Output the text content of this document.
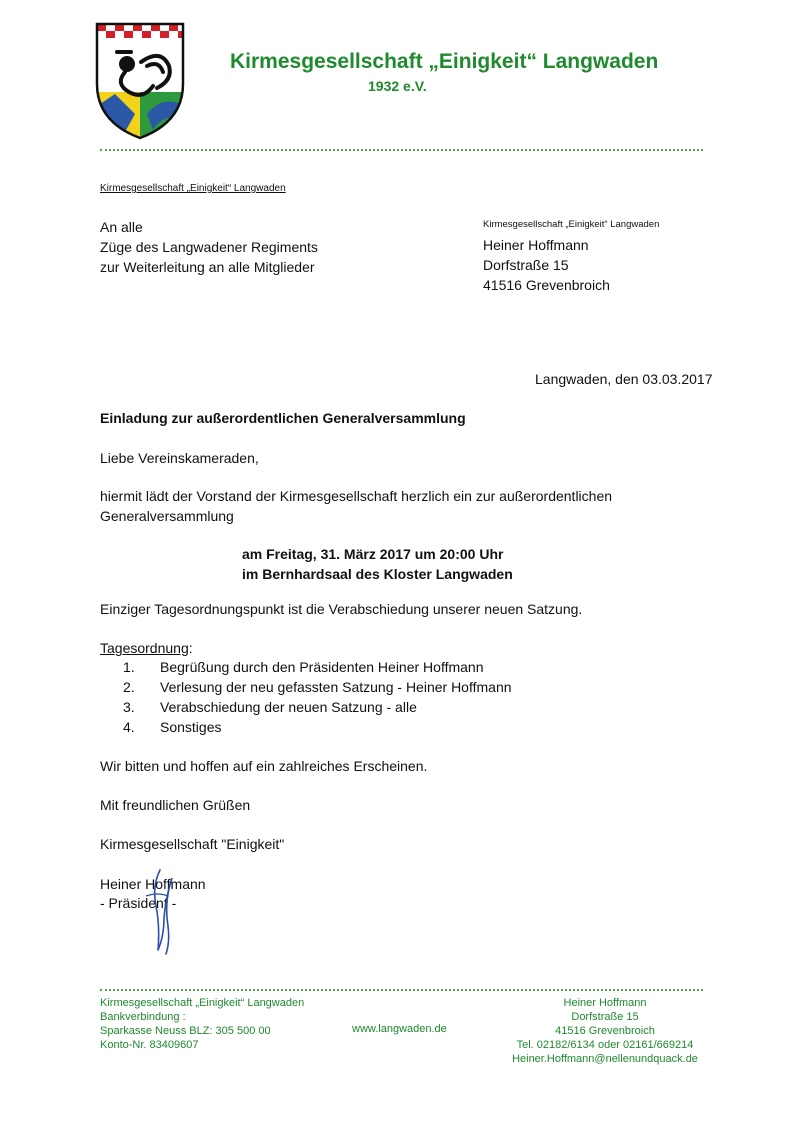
Kirmesgesellschaft „Einigkeit“ Langwaden
1932 e.V.
Kirmesgesellschaft „Einigkeit“ Langwaden
An alle
Züge des Langwadener Regiments
zur Weiterleitung an alle Mitglieder
Kirmesgesellschaft „Einigkeit“ Langwaden
Heiner Hoffmann
Dorfstraße 15
41516 Grevenbroich
Langwaden, den 03.03.2017
Einladung zur außerordentlichen Generalversammlung
Liebe Vereinskameraden,
hiermit lädt der Vorstand der Kirmesgesellschaft herzlich ein zur außerordentlichen
Generalversammlung
am Freitag, 31. März 2017 um 20:00 Uhr
im Bernhardsaal des Kloster Langwaden
Einziger Tagesordnungspunkt ist die Verabschiedung unserer neuen Satzung.
Tagesordnung:
1. Begrüßung durch den Präsidenten Heiner Hoffmann
2. Verlesung der neu gefassten Satzung - Heiner Hoffmann
3. Verabschiedung der neuen Satzung - alle
4. Sonstiges
Wir bitten und hoffen auf ein zahlreiches Erscheinen.
Mit freundlichen Grüßen
Kirmesgesellschaft "Einigkeit"
Heiner Hoffmann
- Präsident -
Kirmesgesellschaft „Einigkeit“ Langwaden
Bankverbindung :
Sparkasse Neuss BLZ: 305 500 00
Konto-Nr. 83409607
www.langwaden.de
Heiner Hoffmann
Dorfstraße 15
41516 Grevenbroich
Tel. 02182/6134 oder 02161/669214
Heiner.Hoffmann@nellenundquack.de
